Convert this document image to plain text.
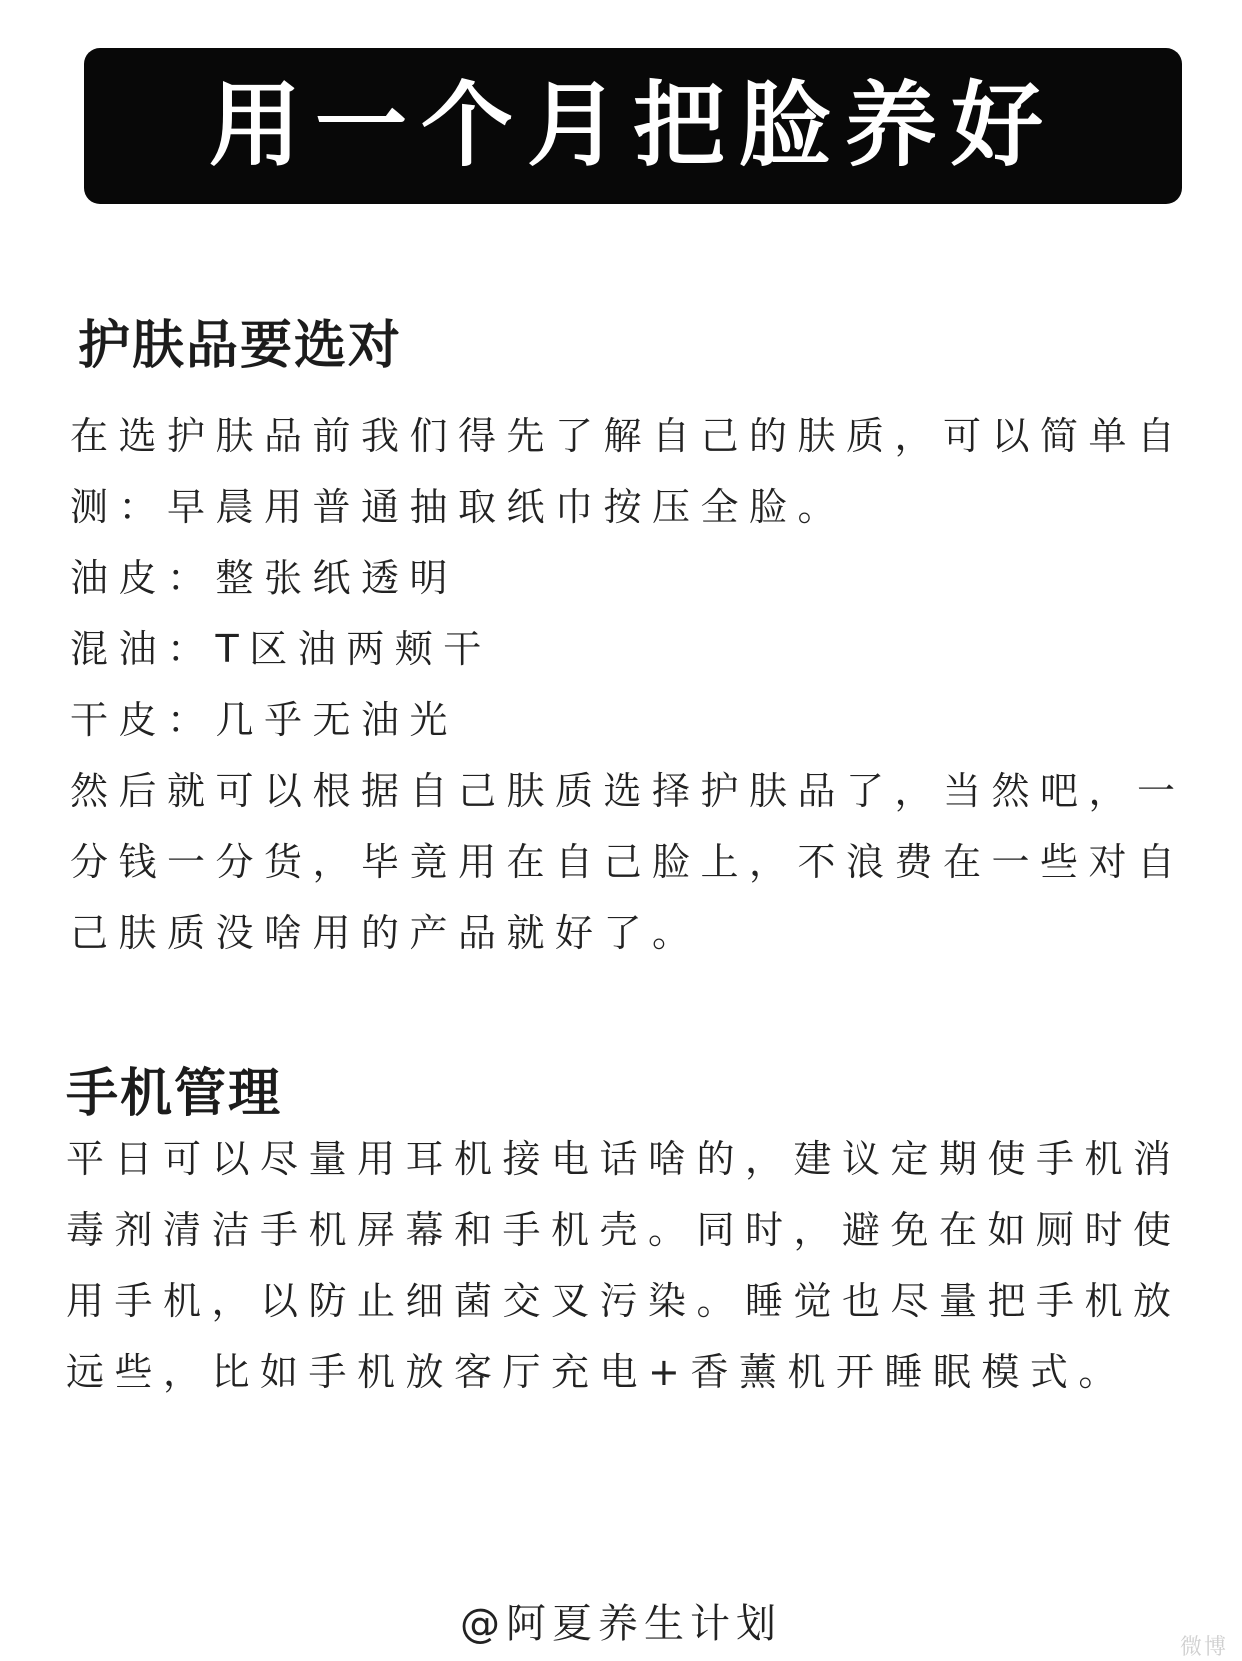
用一个月把脸养好
护肤品要选对
在选护肤品前我们得先了解自己的肤质，可以简单自
测：早晨用普通抽取纸巾按压全脸。
油皮：整张纸透明
混油：T区油两颊干
干皮：几乎无油光
然后就可以根据自己肤质选择护肤品了，当然吧，一
分钱一分货，毕竟用在自己脸上，不浪费在一些对自
己肤质没啥用的产品就好了。
手机管理
平日可以尽量用耳机接电话啥的，建议定期使手机消
毒剂清洁手机屏幕和手机壳。同时，避免在如厕时使
用手机，以防止细菌交叉污染。睡觉也尽量把手机放
远些，比如手机放客厅充电+香薰机开睡眠模式。
@阿夏养生计划
微博
